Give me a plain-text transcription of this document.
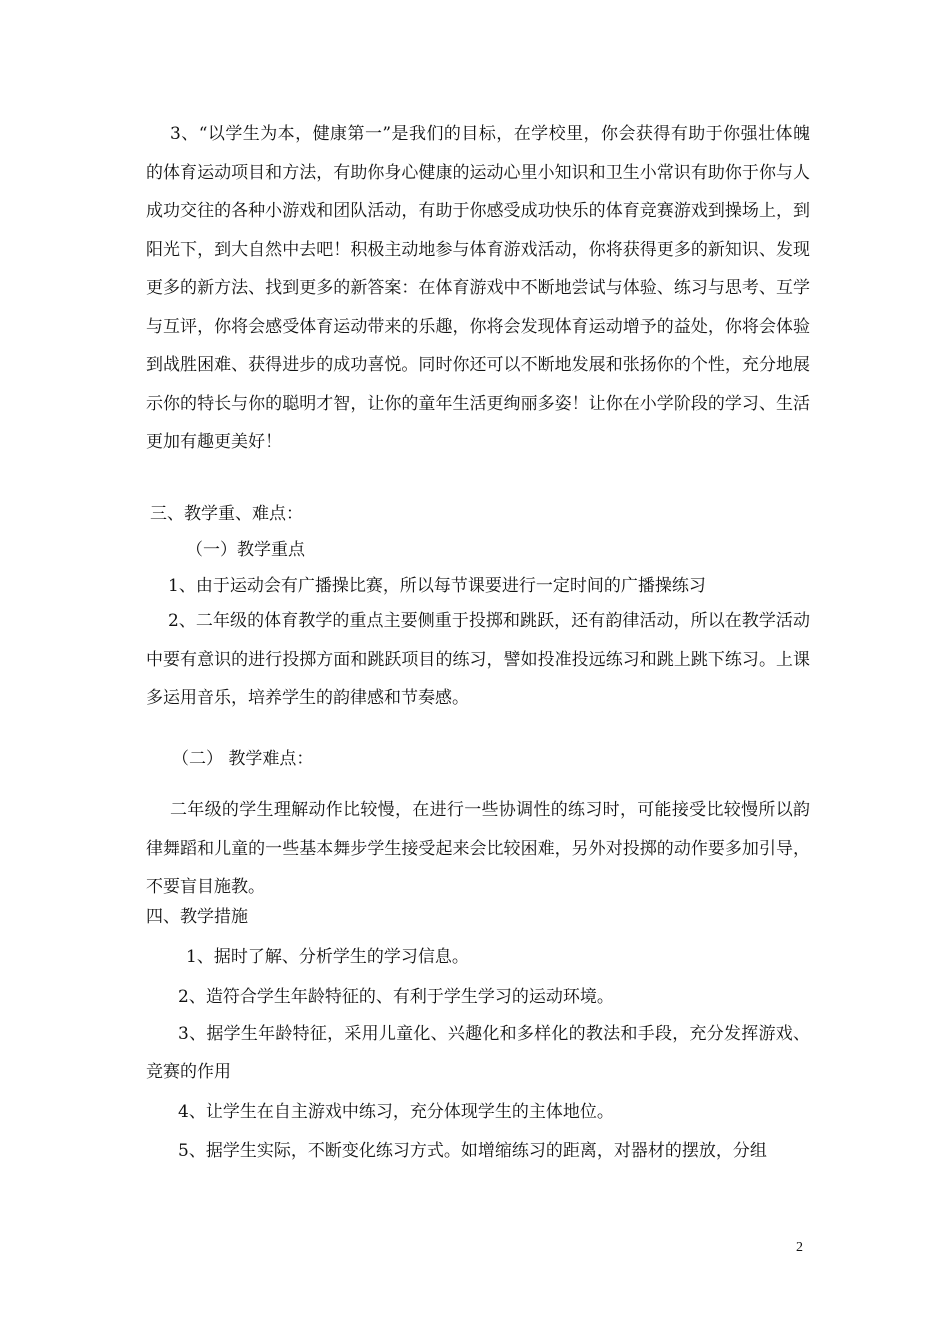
3、“以学生为本，健康第一”是我们的目标，在学校里，你会获得有助于你强壮体魄的体育运动项目和方法，有助你身心健康的运动心里小知识和卫生小常识有助你于你与人成功交往的各种小游戏和团队活动，有助于你感受成功快乐的体育竞赛游戏到操场上，到阳光下，到大自然中去吧！积极主动地参与体育游戏活动，你将获得更多的新知识、发现更多的新方法、找到更多的新答案：在体育游戏中不断地尝试与体验、练习与思考、互学与互评，你将会感受体育运动带来的乐趣，你将会发现体育运动增予的益处，你将会体验到战胜困难、获得进步的成功喜悦。同时你还可以不断地发展和张扬你的个性，充分地展示你的特长与你的聪明才智，让你的童年生活更绚丽多姿！让你在小学阶段的学习、生活更加有趣更美好！

三、教学重、难点：

（一）教学重点

1、由于运动会有广播操比赛，所以每节课要进行一定时间的广播操练习

2、二年级的体育教学的重点主要侧重于投掷和跳跃，还有韵律活动，所以在教学活动中要有意识的进行投掷方面和跳跃项目的练习，譬如投准投远练习和跳上跳下练习。上课多运用音乐，培养学生的韵律感和节奏感。

（二） 教学难点：

二年级的学生理解动作比较慢，在进行一些协调性的练习时，可能接受比较慢所以韵律舞蹈和儿童的一些基本舞步学生接受起来会比较困难，另外对投掷的动作要多加引导，不要盲目施教。

四、教学措施

1、据时了解、分析学生的学习信息。

2、造符合学生年龄特征的、有利于学生学习的运动环境。

3、据学生年龄特征，采用儿童化、兴趣化和多样化的教法和手段，充分发挥游戏、竞赛的作用

4、让学生在自主游戏中练习，充分体现学生的主体地位。

5、据学生实际，不断变化练习方式。如增缩练习的距离，对器材的摆放，分组

2
